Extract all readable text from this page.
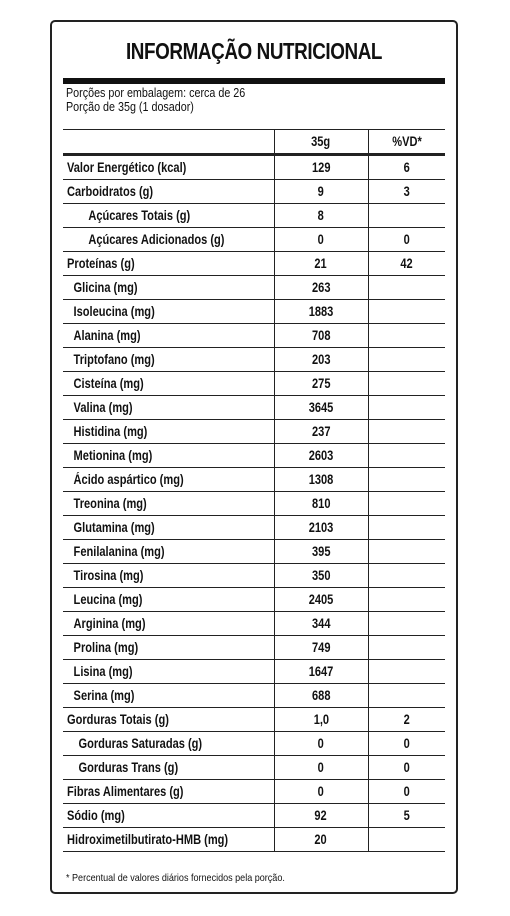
INFORMAÇÃO NUTRICIONAL
Porções por embalagem: cerca de 26
Porção de 35g (1 dosador)
	35g	%VD*
Valor Energético (kcal)	129	6
Carboidratos (g)	9	3
Açúcares Totais (g)	8	
Açúcares Adicionados (g)	0	0
Proteínas (g)	21	42
Glicina (mg)	263	
Isoleucina (mg)	1883	
Alanina (mg)	708	
Triptofano (mg)	203	
Cisteína (mg)	275	
Valina (mg)	3645	
Histidina (mg)	237	
Metionina (mg)	2603	
Ácido aspártico (mg)	1308	
Treonina (mg)	810	
Glutamina (mg)	2103	
Fenilalanina (mg)	395	
Tirosina (mg)	350	
Leucina (mg)	2405	
Arginina (mg)	344	
Prolina (mg)	749	
Lisina (mg)	1647	
Serina (mg)	688	
Gorduras Totais (g)	1,0	2
Gorduras Saturadas (g)	0	0
Gorduras Trans (g)	0	0
Fibras Alimentares (g)	0	0
Sódio (mg)	92	5
Hidroximetilbutirato-HMB (mg)	20	
* Percentual de valores diários fornecidos pela porção.
